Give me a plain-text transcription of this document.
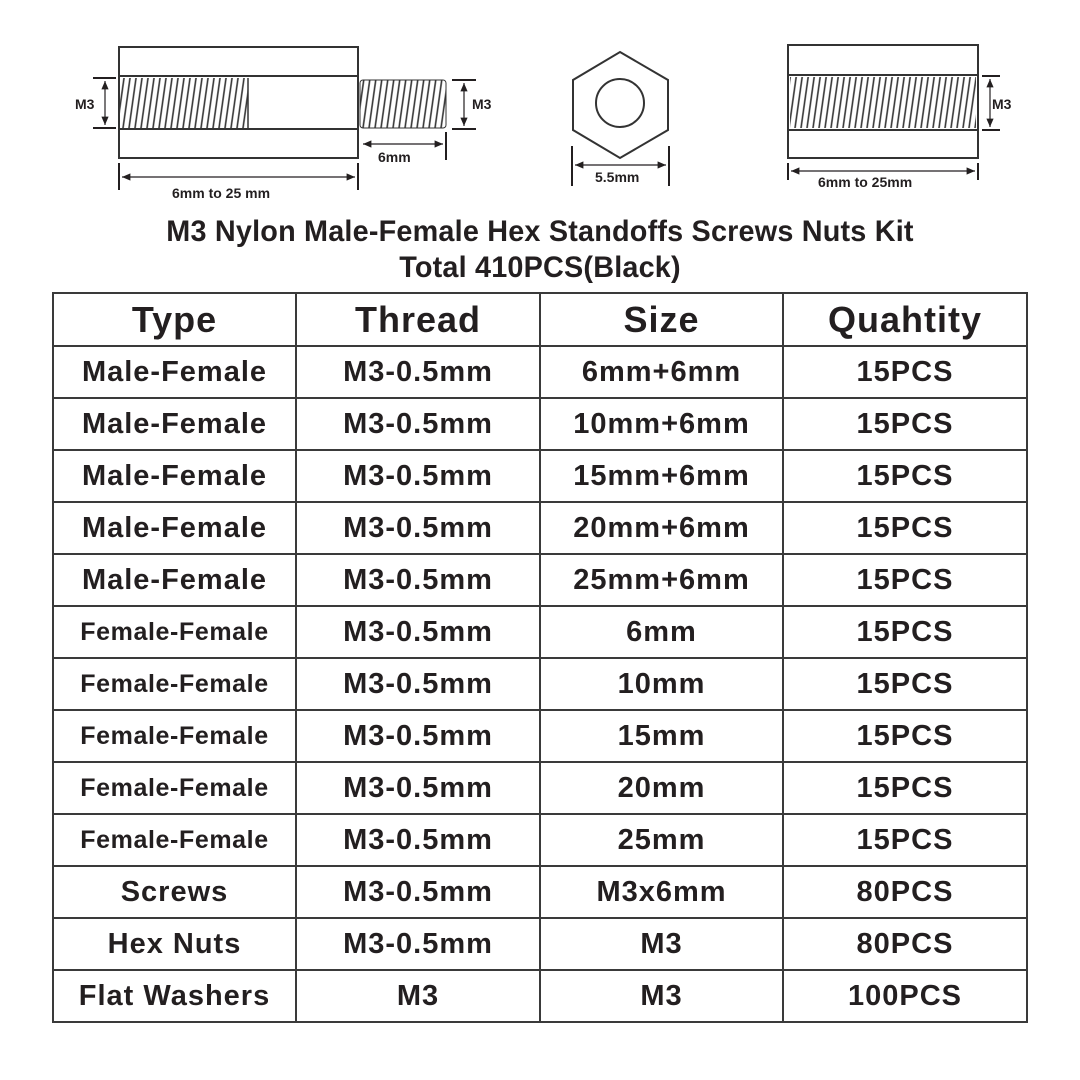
M3	M3
6mm
6mm to 25 mm
5.5mm
M3
6mm to 25mm
M3 Nylon Male-Female Hex Standoffs Screws Nuts Kit
Total 410PCS(Black)
Type	Thread	Size	Quahtity
Male-Female	M3-0.5mm	6mm+6mm	15PCS
Male-Female	M3-0.5mm	10mm+6mm	15PCS
Male-Female	M3-0.5mm	15mm+6mm	15PCS
Male-Female	M3-0.5mm	20mm+6mm	15PCS
Male-Female	M3-0.5mm	25mm+6mm	15PCS
Female-Female	M3-0.5mm	6mm	15PCS
Female-Female	M3-0.5mm	10mm	15PCS
Female-Female	M3-0.5mm	15mm	15PCS
Female-Female	M3-0.5mm	20mm	15PCS
Female-Female	M3-0.5mm	25mm	15PCS
Screws	M3-0.5mm	M3x6mm	80PCS
Hex Nuts	M3-0.5mm	M3	80PCS
Flat Washers	M3	M3	100PCS
